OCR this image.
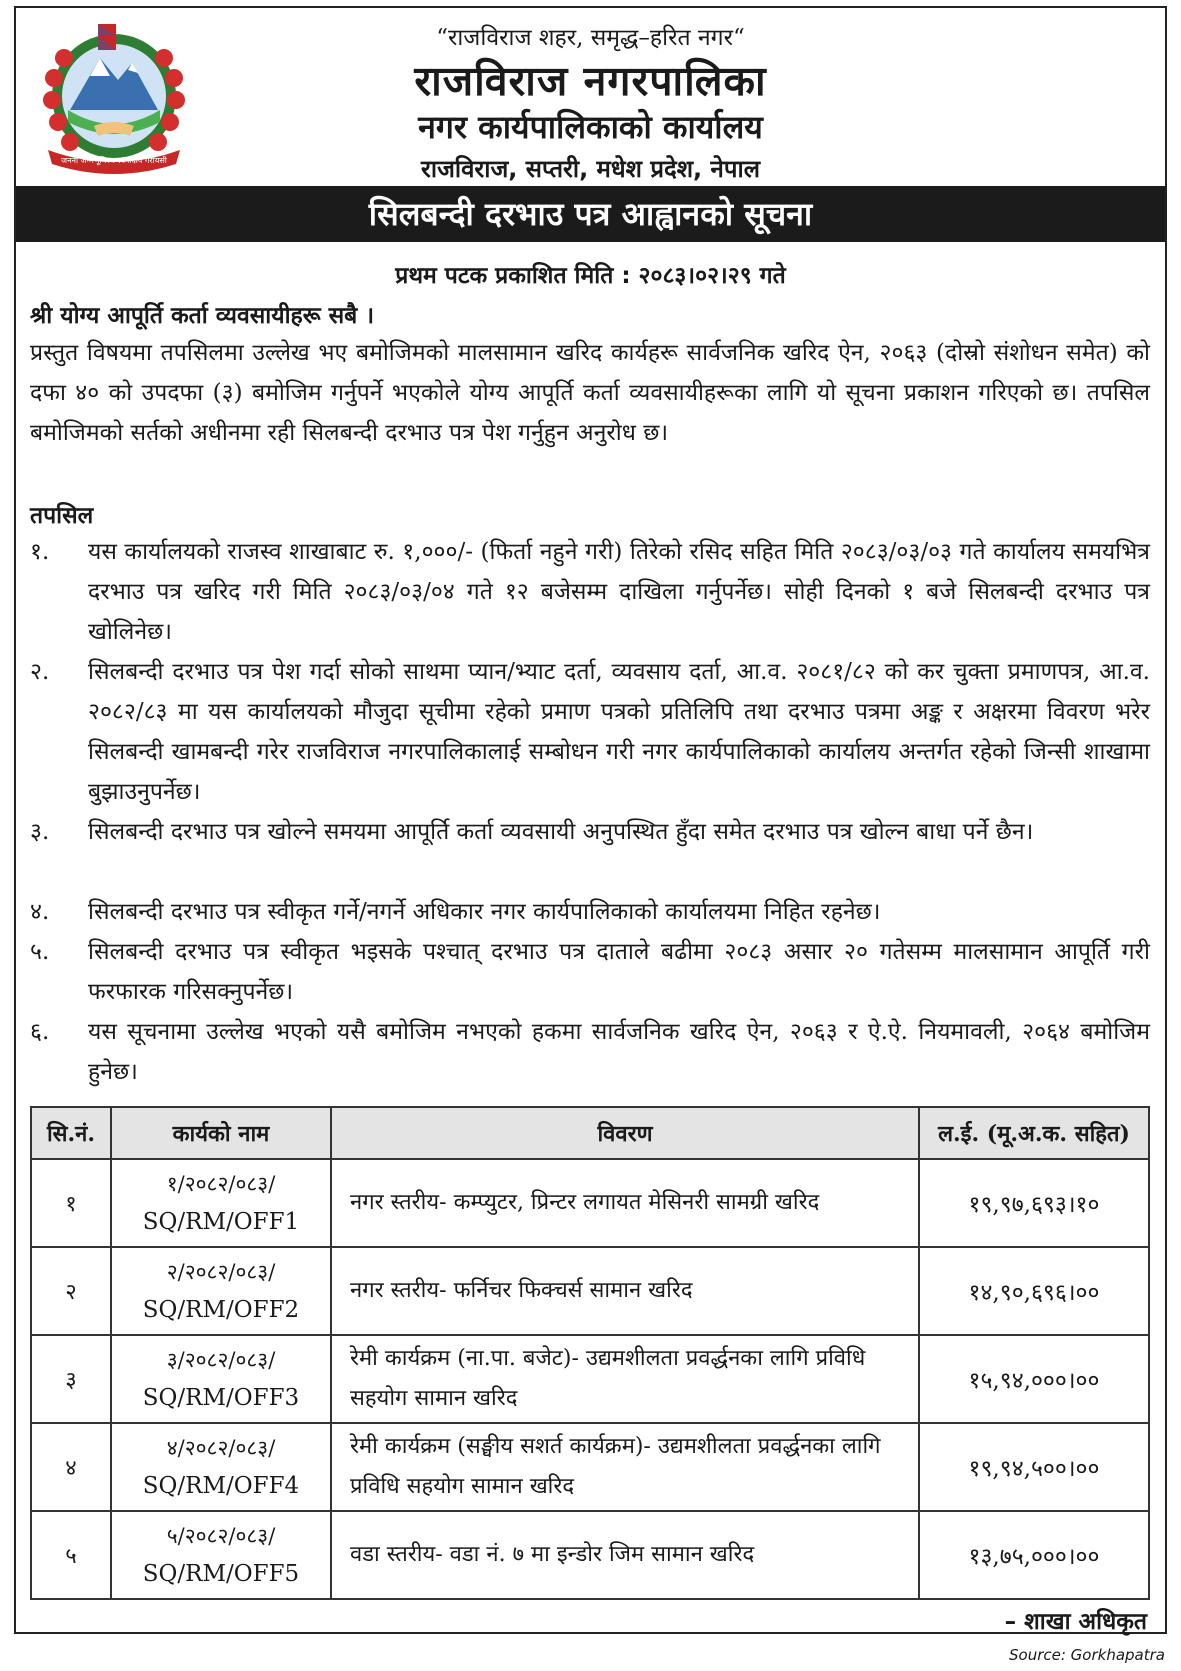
जननी जन्मभूमिश्च स्वर्गादपि गरीयसी
“राजविराज शहर, समृद्ध–हरित नगर“
राजविराज नगरपालिका
नगर कार्यपालिकाको कार्यालय
राजविराज, सप्तरी, मधेश प्रदेश, नेपाल
सिलबन्दी दरभाउ पत्र आह्वानको सूचना
प्रथम पटक प्रकाशित मिति : २०८३।०२।२९ गते
श्री योग्य आपूर्ति कर्ता व्यवसायीहरू सबै ।
प्रस्तुत विषयमा तपसिलमा उल्लेख भए बमोजिमको मालसामान खरिद कार्यहरू सार्वजनिक खरिद ऐन, २०६३ (दोस्रो संशोधन समेत) को दफा ४० को उपदफा (३) बमोजिम गर्नुपर्ने भएकोले योग्य आपूर्ति कर्ता व्यवसायीहरूका लागि यो सूचना प्रकाशन गरिएको छ। तपसिल बमोजिमको सर्तको अधीनमा रही सिलबन्दी दरभाउ पत्र पेश गर्नुहुन अनुरोध छ।
तपसिल
१.	यस कार्यालयको राजस्व शाखाबाट रु. १,०००/- (फिर्ता नहुने गरी) तिरेको रसिद सहित मिति २०८३/०३/०३ गते कार्यालय समयभित्र दरभाउ पत्र खरिद गरी मिति २०८३/०३/०४ गते १२ बजेसम्म दाखिला गर्नुपर्नेछ। सोही दिनको १ बजे सिलबन्दी दरभाउ पत्र खोलिनेछ।
२.	सिलबन्दी दरभाउ पत्र पेश गर्दा सोको साथमा प्यान/भ्याट दर्ता, व्यवसाय दर्ता, आ.व. २०८१/८२ को कर चुक्ता प्रमाणपत्र, आ.व. २०८२/८३ मा यस कार्यालयको मौजुदा सूचीमा रहेको प्रमाण पत्रको प्रतिलिपि तथा दरभाउ पत्रमा अङ्क र अक्षरमा विवरण भरेर सिलबन्दी खामबन्दी गरेर राजविराज नगरपालिकालाई सम्बोधन गरी नगर कार्यपालिकाको कार्यालय अन्तर्गत रहेको जिन्सी शाखामा बुझाउनुपर्नेछ।
३.	सिलबन्दी दरभाउ पत्र खोल्ने समयमा आपूर्ति कर्ता व्यवसायी अनुपस्थित हुँदा समेत दरभाउ पत्र खोल्न बाधा पर्ने छैन।
४.	सिलबन्दी दरभाउ पत्र स्वीकृत गर्ने/नगर्ने अधिकार नगर कार्यपालिकाको कार्यालयमा निहित रहनेछ।
५.	सिलबन्दी दरभाउ पत्र स्वीकृत भइसके पश्चात् दरभाउ पत्र दाताले बढीमा २०८३ असार २० गतेसम्म मालसामान आपूर्ति गरी फरफारक गरिसक्नुपर्नेछ।
६.	यस सूचनामा उल्लेख भएको यसै बमोजिम नभएको हकमा सार्वजनिक खरिद ऐन, २०६३ र ऐ.ऐ. नियमावली, २०६४ बमोजिम हुनेछ।
सि.नं.	कार्यको नाम	विवरण	ल.ई. (मू.अ.क. सहित)
१	१/२०८२/०८३/
SQ/RM/OFF1	नगर स्तरीय- कम्प्युटर, प्रिन्टर लगायत मेसिनरी सामग्री खरिद	१९,९७,६९३।१०
२	२/२०८२/०८३/
SQ/RM/OFF2	नगर स्तरीय- फर्निचर फिक्चर्स सामान खरिद	१४,९०,६९६।००
३	३/२०८२/०८३/
SQ/RM/OFF3	रेमी कार्यक्रम (ना.पा. बजेट)- उद्यमशीलता प्रवर्द्धनका लागि प्रविधि सहयोग सामान खरिद	१५,९४,०००।००
४	४/२०८२/०८३/
SQ/RM/OFF4	रेमी कार्यक्रम (सङ्घीय सशर्त कार्यक्रम)- उद्यमशीलता प्रवर्द्धनका लागि प्रविधि सहयोग सामान खरिद	१९,९४,५००।००
५	५/२०८२/०८३/
SQ/RM/OFF5	वडा स्तरीय- वडा नं. ७ मा इन्डोर जिम सामान खरिद	१३,७५,०००।००
– शाखा अधिकृत
Source: Gorkhapatra
